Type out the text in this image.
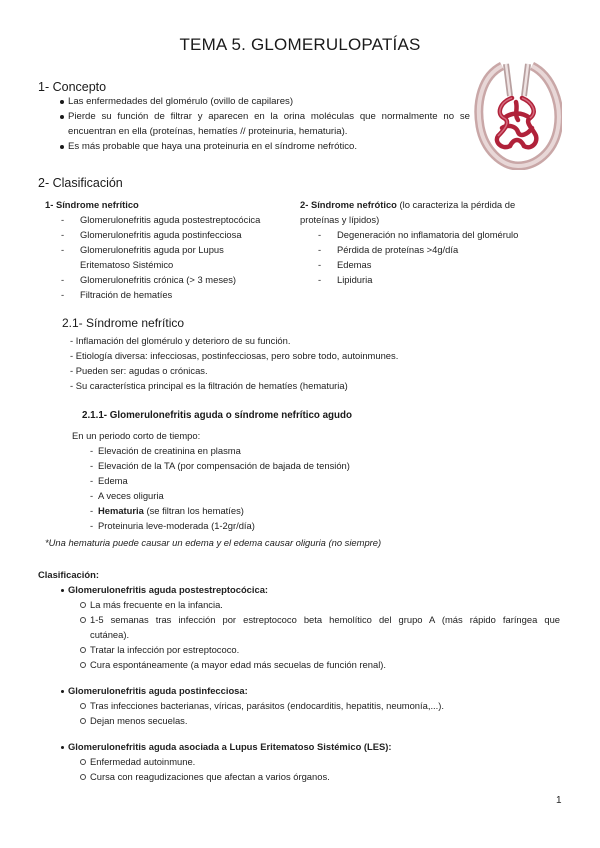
TEMA 5. GLOMERULOPATÍAS
1- Concepto
Las enfermedades del glomérulo (ovillo de capilares)
Pierde su función de filtrar y aparecen en la orina moléculas que normalmente no se
encuentran en ella (proteínas, hematíes // proteinuria, hematuria).
Es más probable que haya una proteinuria en el síndrome nefrótico.
2- Clasificación
1- Síndrome nefrítico
- Glomerulonefritis aguda postestreptocócica
- Glomerulonefritis aguda postinfecciosa
- Glomerulonefritis aguda por Lupus
Eritematoso Sistémico
- Glomerulonefritis crónica (> 3 meses)
- Filtración de hematíes
2- Síndrome nefrótico (lo caracteriza la pérdida de
proteínas y lípidos)
- Degeneración no inflamatoria del glomérulo
- Pérdida de proteínas >4g/día
- Edemas
- Lipiduria
2.1- Síndrome nefrítico
- Inflamación del glomérulo y deterioro de su función.
- Etiología diversa: infecciosas, postinfecciosas, pero sobre todo, autoinmunes.
- Pueden ser: agudas o crónicas.
- Su característica principal es la filtración de hematíes (hematuria)
2.1.1- Glomerulonefritis aguda o síndrome nefrítico agudo
En un periodo corto de tiempo:
- Elevación de creatinina en plasma
- Elevación de la TA (por compensación de bajada de tensión)
- Edema
- A veces oliguria
- Hematuria (se filtran los hematíes)
- Proteinuria leve-moderada (1-2gr/día)
*Una hematuria puede causar un edema y el edema causar oliguria (no siempre)
Clasificación:
Glomerulonefritis aguda postestreptocócica:
La más frecuente en la infancia.
1-5 semanas tras infección por estreptococo beta hemolítico del grupo A (más rápido faríngea que
cutánea).
Tratar la infección por estreptococo.
Cura espontáneamente (a mayor edad más secuelas de función renal).
Glomerulonefritis aguda postinfecciosa:
Tras infecciones bacterianas, víricas, parásitos (endocarditis, hepatitis, neumonía,...).
Dejan menos secuelas.
Glomerulonefritis aguda asociada a Lupus Eritematoso Sistémico (LES):
Enfermedad autoinmune.
Cursa con reagudizaciones que afectan a varios órganos.
1
